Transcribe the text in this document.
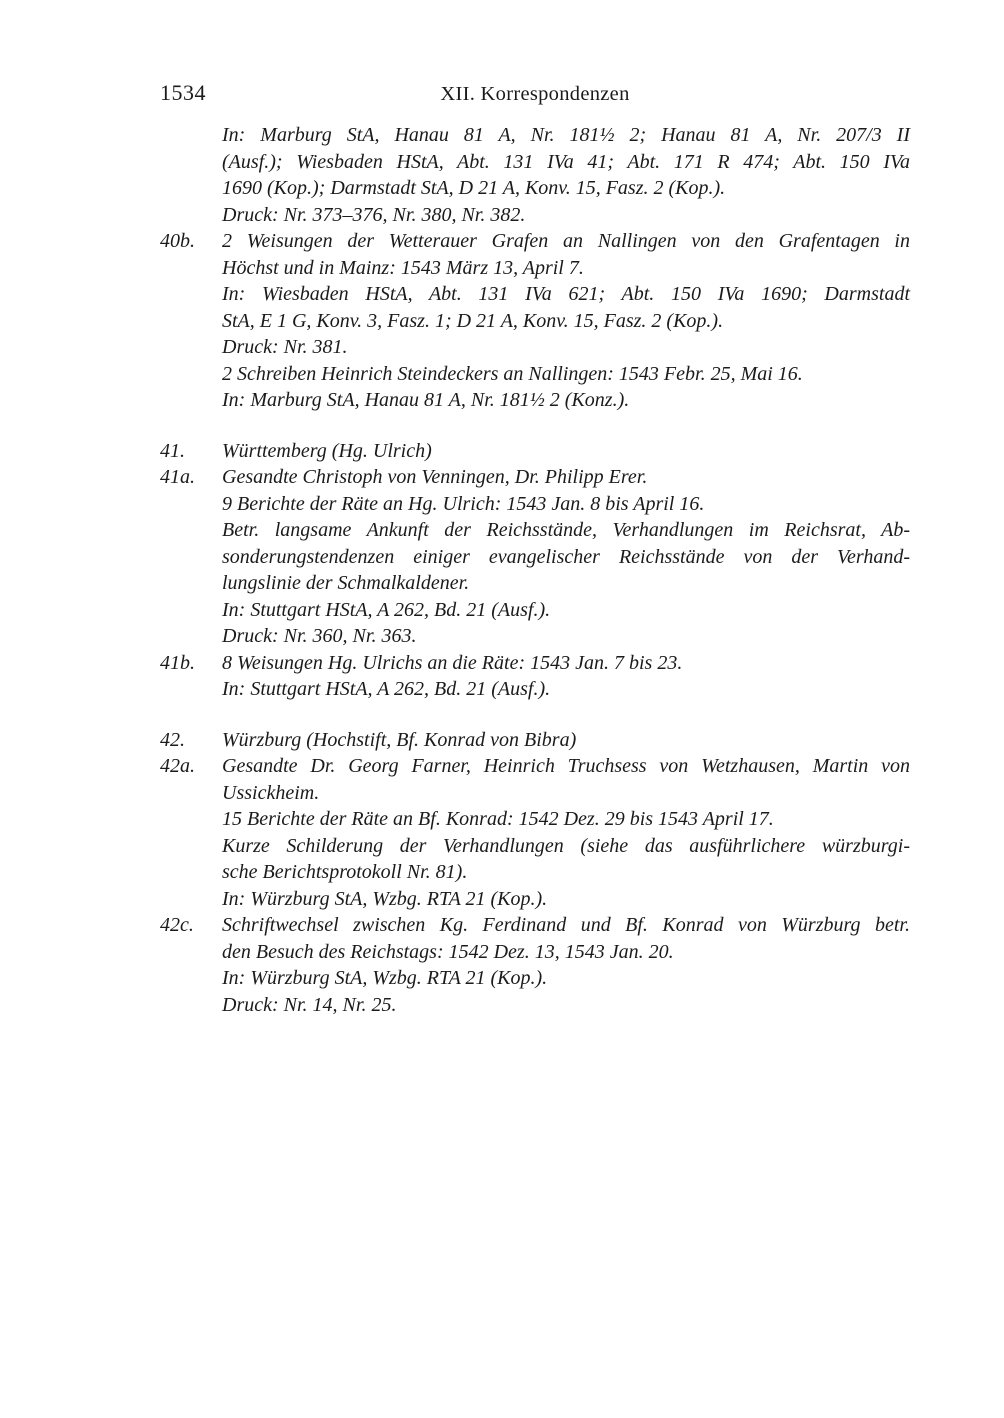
1534	XII. Korrespondenzen
In: Marburg StA, Hanau 81 A, Nr. 181½ 2; Hanau 81 A, Nr. 207/3 II
(Ausf.); Wiesbaden HStA, Abt. 131 IVa 41; Abt. 171 R 474; Abt. 150 IVa
1690 (Kop.); Darmstadt StA, D 21 A, Konv. 15, Fasz. 2 (Kop.).
Druck: Nr. 373–376, Nr. 380, Nr. 382.
40b. 2 Weisungen der Wetterauer Grafen an Nallingen von den Grafentagen in
Höchst und in Mainz: 1543 März 13, April 7.
In: Wiesbaden HStA, Abt. 131 IVa 621; Abt. 150 IVa 1690; Darmstadt
StA, E 1 G, Konv. 3, Fasz. 1; D 21 A, Konv. 15, Fasz. 2 (Kop.).
Druck: Nr. 381.
2 Schreiben Heinrich Steindeckers an Nallingen: 1543 Febr. 25, Mai 16.
In: Marburg StA, Hanau 81 A, Nr. 181½ 2 (Konz.).
41. Württemberg (Hg. Ulrich)
41a. Gesandte Christoph von Venningen, Dr. Philipp Erer.
9 Berichte der Räte an Hg. Ulrich: 1543 Jan. 8 bis April 16.
Betr. langsame Ankunft der Reichsstände, Verhandlungen im Reichsrat, Ab-
sonderungstendenzen einiger evangelischer Reichsstände von der Verhand-
lungslinie der Schmalkaldener.
In: Stuttgart HStA, A 262, Bd. 21 (Ausf.).
Druck: Nr. 360, Nr. 363.
41b. 8 Weisungen Hg. Ulrichs an die Räte: 1543 Jan. 7 bis 23.
In: Stuttgart HStA, A 262, Bd. 21 (Ausf.).
42. Würzburg (Hochstift, Bf. Konrad von Bibra)
42a. Gesandte Dr. Georg Farner, Heinrich Truchsess von Wetzhausen, Martin von
Ussickheim.
15 Berichte der Räte an Bf. Konrad: 1542 Dez. 29 bis 1543 April 17.
Kurze Schilderung der Verhandlungen (siehe das ausführlichere würzburgi-
sche Berichtsprotokoll Nr. 81).
In: Würzburg StA, Wzbg. RTA 21 (Kop.).
42c. Schriftwechsel zwischen Kg. Ferdinand und Bf. Konrad von Würzburg betr.
den Besuch des Reichstags: 1542 Dez. 13, 1543 Jan. 20.
In: Würzburg StA, Wzbg. RTA 21 (Kop.).
Druck: Nr. 14, Nr. 25.
